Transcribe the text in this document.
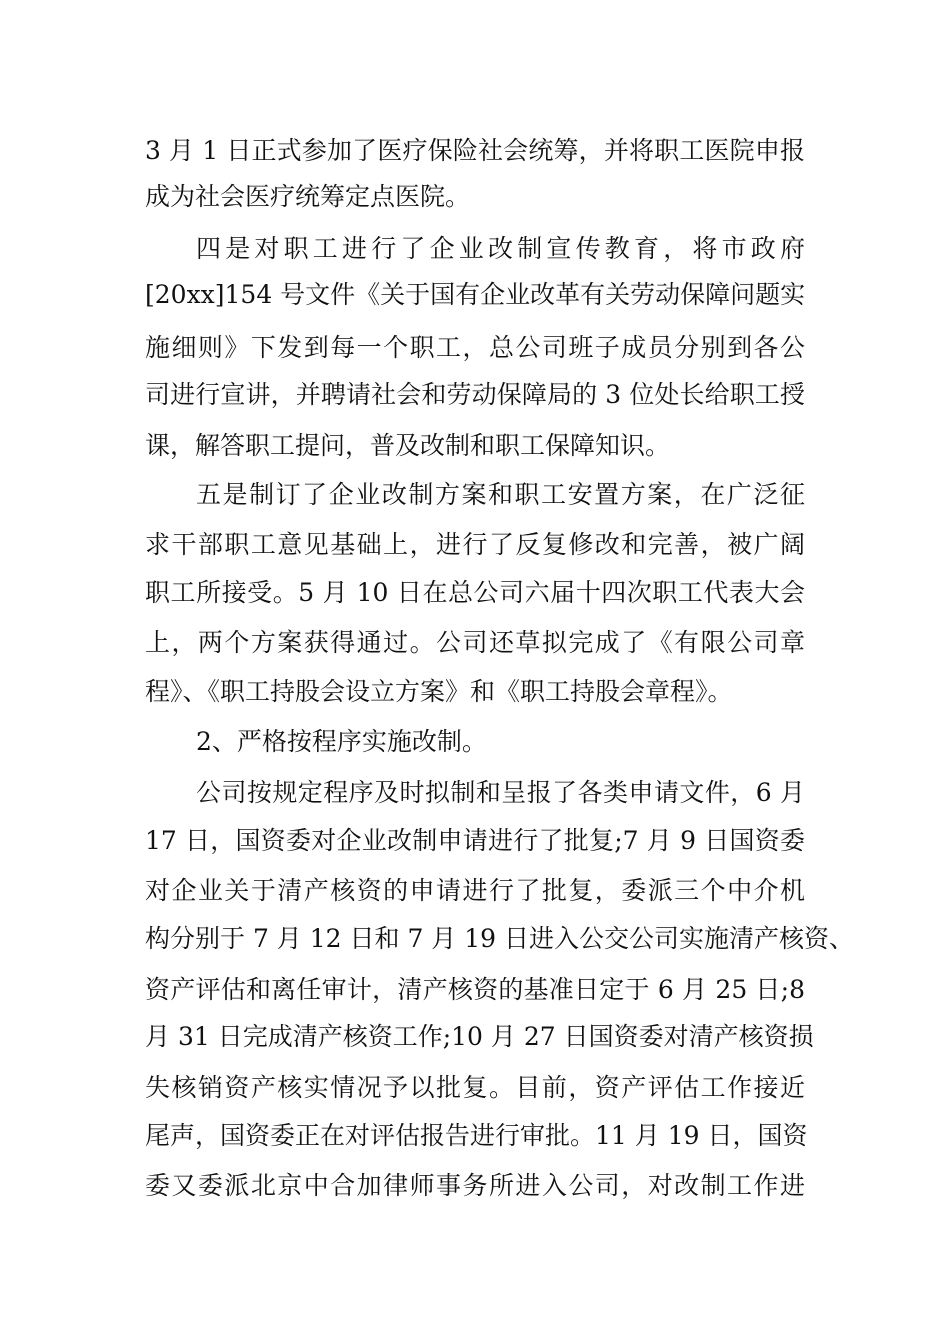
3 月 1 日正式参加了医疗保险社会统筹，并将职工医院申报
成为社会医疗统筹定点医院。
四是对职工进行了企业改制宣传教育，将市政府
[20xx]154 号文件《关于国有企业改革有关劳动保障问题实
施细则》下发到每一个职工，总公司班子成员分别到各公
司进行宣讲，并聘请社会和劳动保障局的 3 位处长给职工授
课，解答职工提问，普及改制和职工保障知识。
五是制订了企业改制方案和职工安置方案，在广泛征
求干部职工意见基础上，进行了反复修改和完善，被广阔
职工所接受。5 月 10 日在总公司六届十四次职工代表大会
上，两个方案获得通过。公司还草拟完成了《有限公司章
程》、《职工持股会设立方案》和《职工持股会章程》。
2、严格按程序实施改制。
公司按规定程序及时拟制和呈报了各类申请文件，6 月
17 日，国资委对企业改制申请进行了批复;7 月 9 日国资委
对企业关于清产核资的申请进行了批复，委派三个中介机
构分别于 7 月 12 日和 7 月 19 日进入公交公司实施清产核资、
资产评估和离任审计，清产核资的基准日定于 6 月 25 日;8
月 31 日完成清产核资工作;10 月 27 日国资委对清产核资损
失核销资产核实情况予以批复。目前，资产评估工作接近
尾声，国资委正在对评估报告进行审批。11 月 19 日，国资
委又委派北京中合加律师事务所进入公司，对改制工作进
